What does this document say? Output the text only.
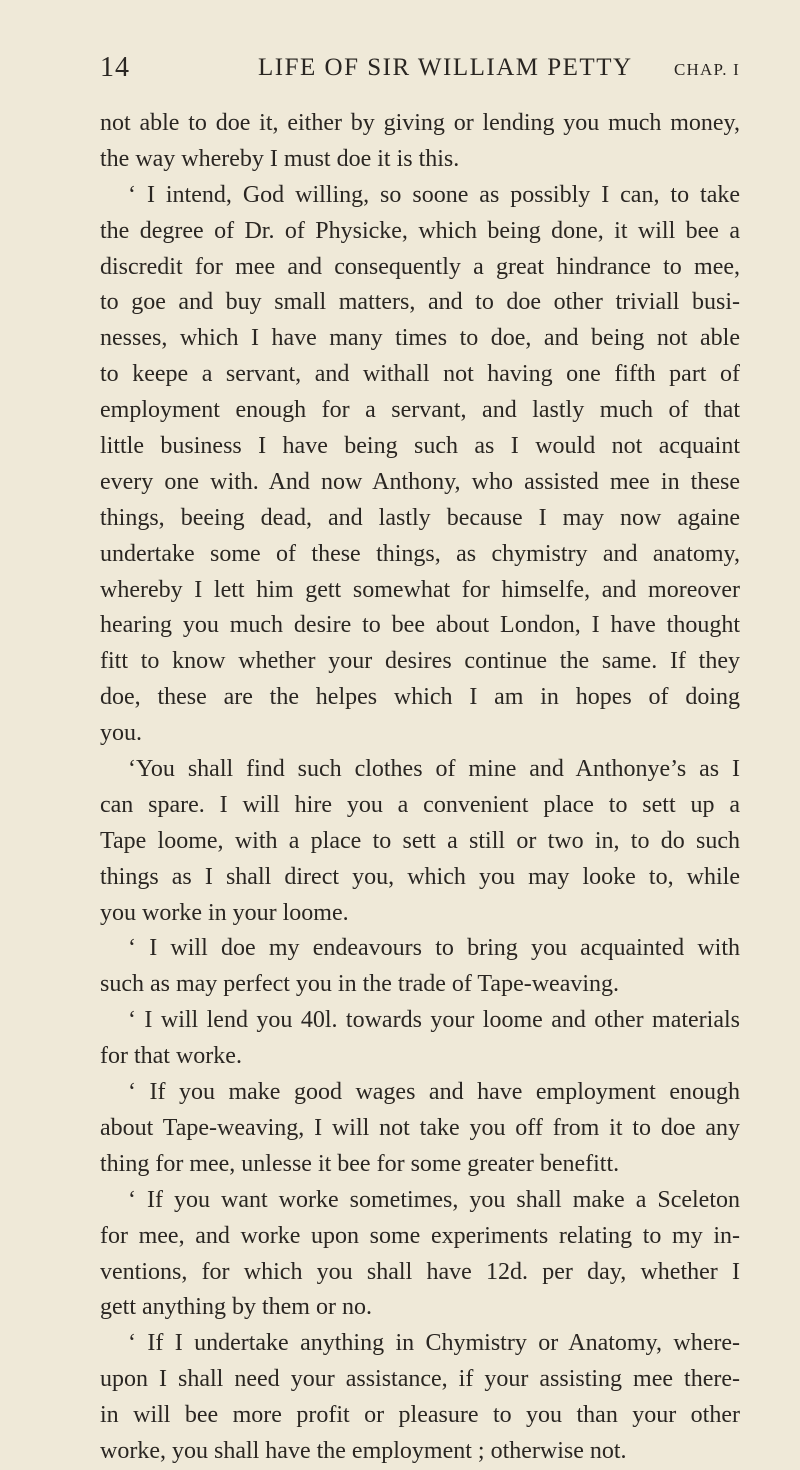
14	LIFE OF SIR WILLIAM PETTY CHAP. I
not able to doe it, either by giving or lending you much money,
the way whereby I must doe it is this.
‘ I intend, God willing, so soone as possibly I can, to take
the degree of Dr. of Physicke, which being done, it will bee a
discredit for mee and consequently a great hindrance to mee,
to goe and buy small matters, and to doe other triviall busi-
nesses, which I have many times to doe, and being not able
to keepe a servant, and withall not having one fifth part of
employment enough for a servant, and lastly much of that
little business I have being such as I would not acquaint
every one with. And now Anthony, who assisted mee in these
things, beeing dead, and lastly because I may now againe
undertake some of these things, as chymistry and anatomy,
whereby I lett him gett somewhat for himselfe, and moreover
hearing you much desire to bee about London, I have thought
fitt to know whether your desires continue the same. If they
doe, these are the helpes which I am in hopes of doing
you.
‘You shall find such clothes of mine and Anthonye’s as I
can spare. I will hire you a convenient place to sett up a
Tape loome, with a place to sett a still or two in, to do such
things as I shall direct you, which you may looke to, while
you worke in your loome.
‘ I will doe my endeavours to bring you acquainted with
such as may perfect you in the trade of Tape-weaving.
‘ I will lend you 40l. towards your loome and other materials
for that worke.
‘ If you make good wages and have employment enough
about Tape-weaving, I will not take you off from it to doe any
thing for mee, unlesse it bee for some greater benefitt.
‘ If you want worke sometimes, you shall make a Sceleton
for mee, and worke upon some experiments relating to my in-
ventions, for which you shall have 12d. per day, whether I
gett anything by them or no.
‘ If I undertake anything in Chymistry or Anatomy, where-
upon I shall need your assistance, if your assisting mee there-
in will bee more profit or pleasure to you than your other
worke, you shall have the employment ; otherwise not.
